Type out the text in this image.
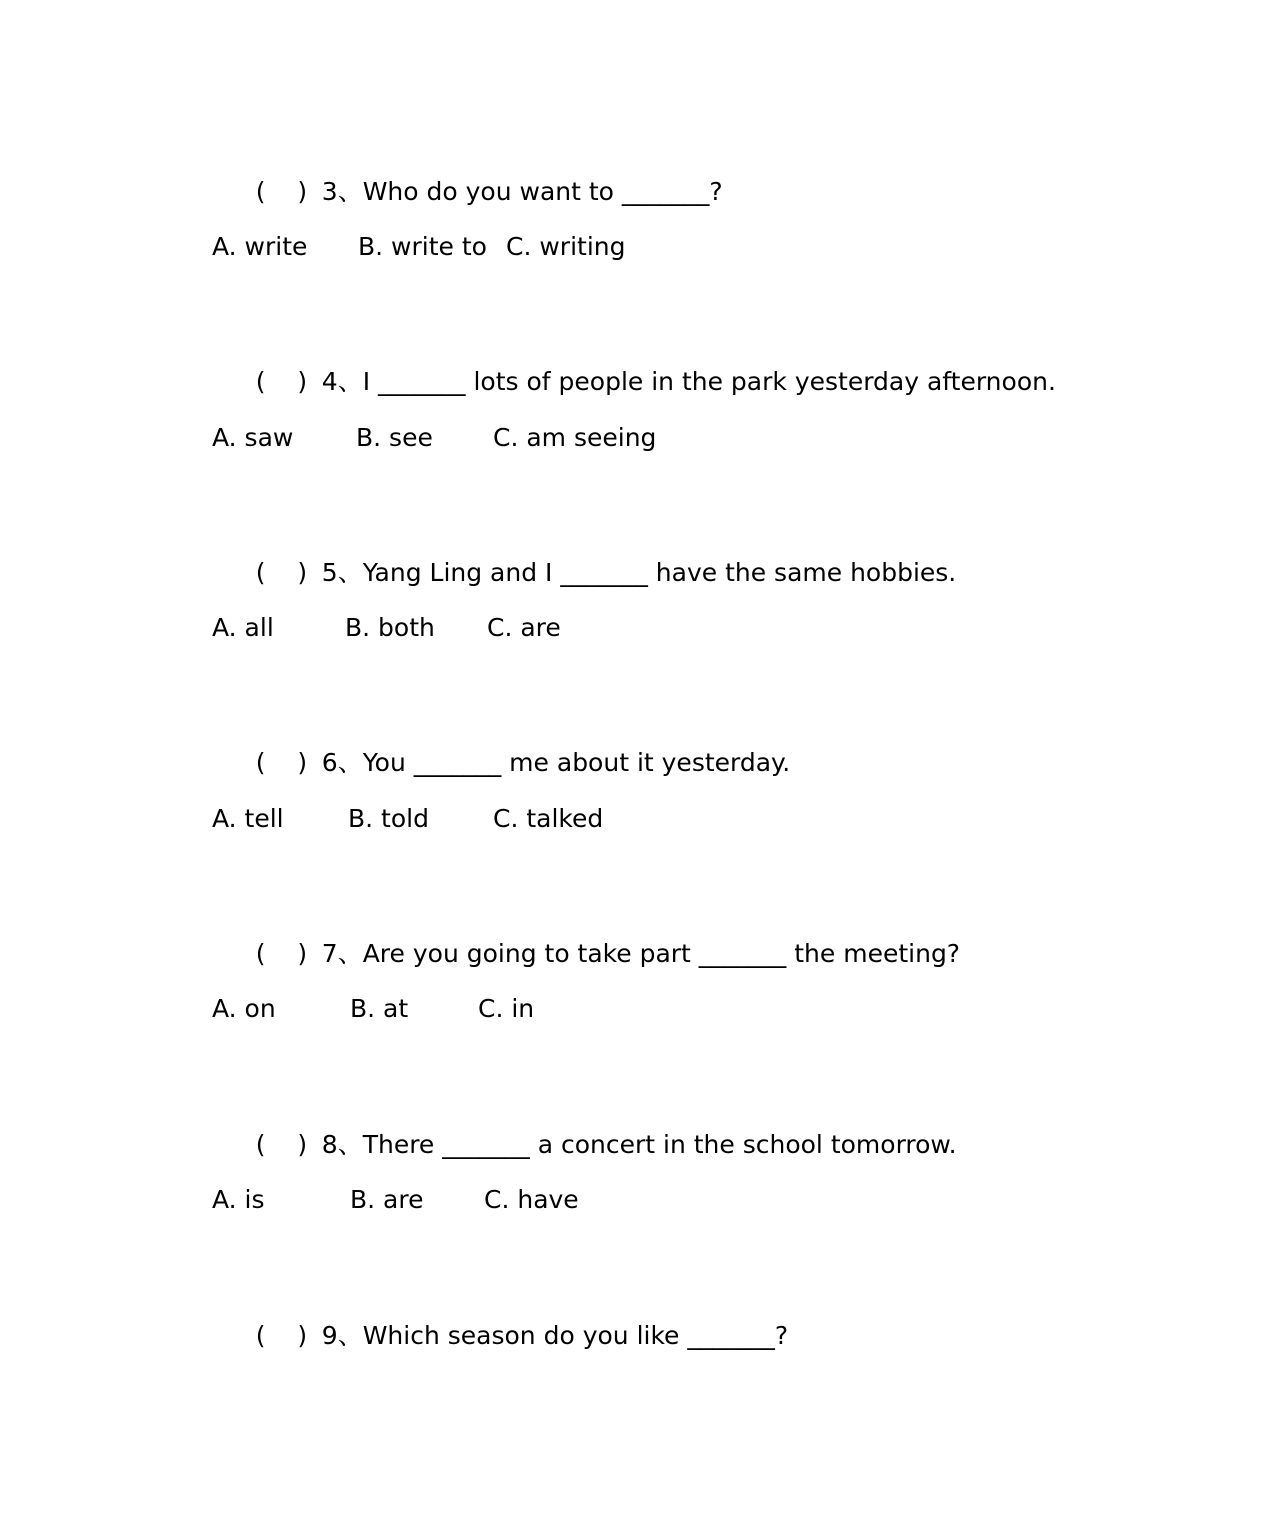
(    ) 3、Who do you want to _______?

A. write

B. write to

C. writing

(    ) 4、I _______ lots of people in the park yesterday afternoon.

A. saw

	B. see

C. am seeing

(    ) 5、Yang Ling and I _______ have the same hobbies.

A. all

	B. both

C. are

(    ) 6、You _______ me about it yesterday.

A. tell

	B. told

	C. talked

(    ) 7、Are you going to take part _______ the meeting?

A. on

	B. at

	C. in

(    ) 8、There _______ a concert in the school tomorrow.

A. is

	B. are

C. have

(    ) 9、Which season do you like _______?
